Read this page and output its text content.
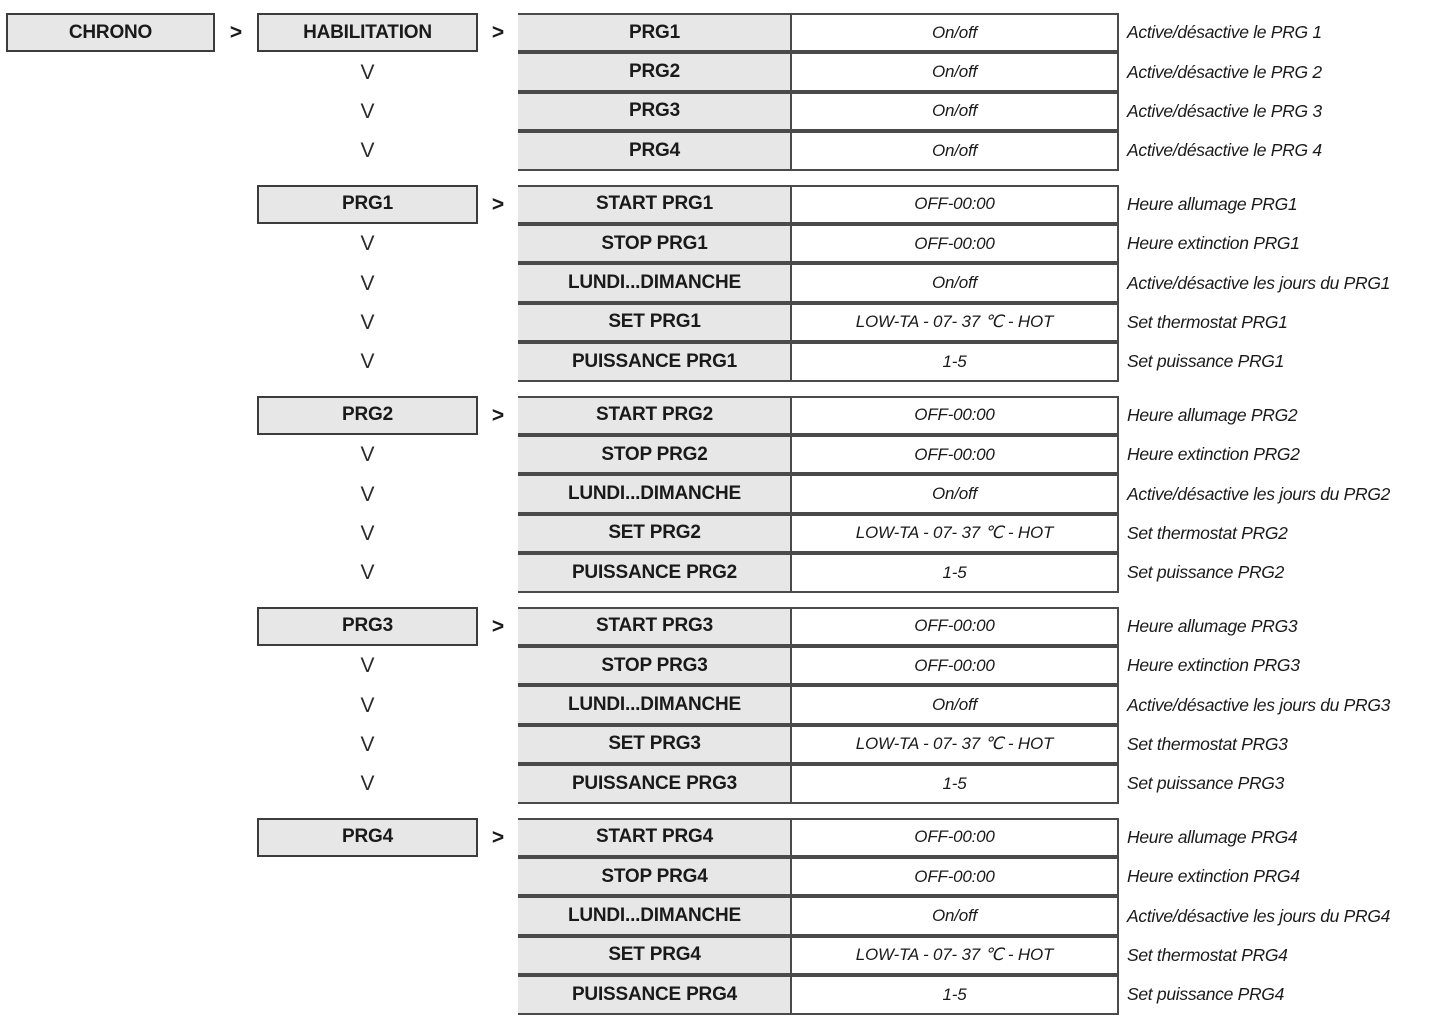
CHRONO	>	HABILITATION	>
V
V
V
PRG1	On/off	Active/désactive le PRG 1
PRG2	On/off	Active/désactive le PRG 2
PRG3	On/off	Active/désactive le PRG 3
PRG4	On/off	Active/désactive le PRG 4
PRG1	>
V
V
V
V
START PRG1	OFF-00:00	Heure allumage PRG1
STOP PRG1	OFF-00:00	Heure extinction PRG1
LUNDI...DIMANCHE	On/off	Active/désactive les jours du PRG1
SET PRG1	LOW-TA - 07- 37 ℃ - HOT	Set thermostat PRG1
PUISSANCE PRG1	1-5	Set puissance PRG1
PRG2	>
V
V
V
V
START PRG2	OFF-00:00	Heure allumage PRG2
STOP PRG2	OFF-00:00	Heure extinction PRG2
LUNDI...DIMANCHE	On/off	Active/désactive les jours du PRG2
SET PRG2	LOW-TA - 07- 37 ℃ - HOT	Set thermostat PRG2
PUISSANCE PRG2	1-5	Set puissance PRG2
PRG3	>
V
V
V
V
START PRG3	OFF-00:00	Heure allumage PRG3
STOP PRG3	OFF-00:00	Heure extinction PRG3
LUNDI...DIMANCHE	On/off	Active/désactive les jours du PRG3
SET PRG3	LOW-TA - 07- 37 ℃ - HOT	Set thermostat PRG3
PUISSANCE PRG3	1-5	Set puissance PRG3
PRG4	>	START PRG4	OFF-00:00	Heure allumage PRG4
STOP PRG4	OFF-00:00	Heure extinction PRG4
LUNDI...DIMANCHE	On/off	Active/désactive les jours du PRG4
SET PRG4	LOW-TA - 07- 37 ℃ - HOT	Set thermostat PRG4
PUISSANCE PRG4	1-5	Set puissance PRG4
